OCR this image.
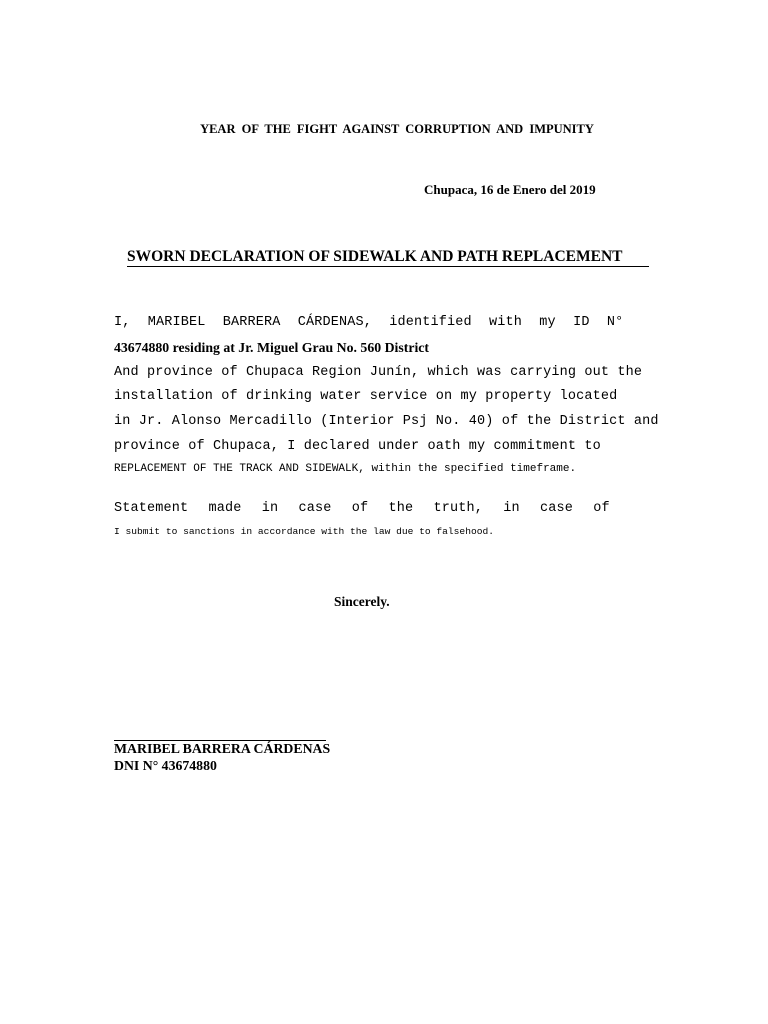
YEAR OF THE FIGHT AGAINST CORRUPTION AND IMPUNITY
Chupaca, 16 de Enero del 2019
SWORN DECLARATION OF SIDEWALK AND PATH REPLACEMENT
I, MARIBEL BARRERA CÁRDENAS, identified with my ID N°
43674880 residing at Jr. Miguel Grau No. 560 District
And province of Chupaca Region Junín, which was carrying out the
installation of drinking water service on my property located
in Jr. Alonso Mercadillo (Interior Psj No. 40) of the District and
province of Chupaca, I declared under oath my commitment to
REPLACEMENT OF THE TRACK AND SIDEWALK, within the specified timeframe.
Statement made in case of the truth, in case of
I submit to sanctions in accordance with the law due to falsehood.
Sincerely.
MARIBEL BARRERA CÁRDENAS
DNI N° 43674880
